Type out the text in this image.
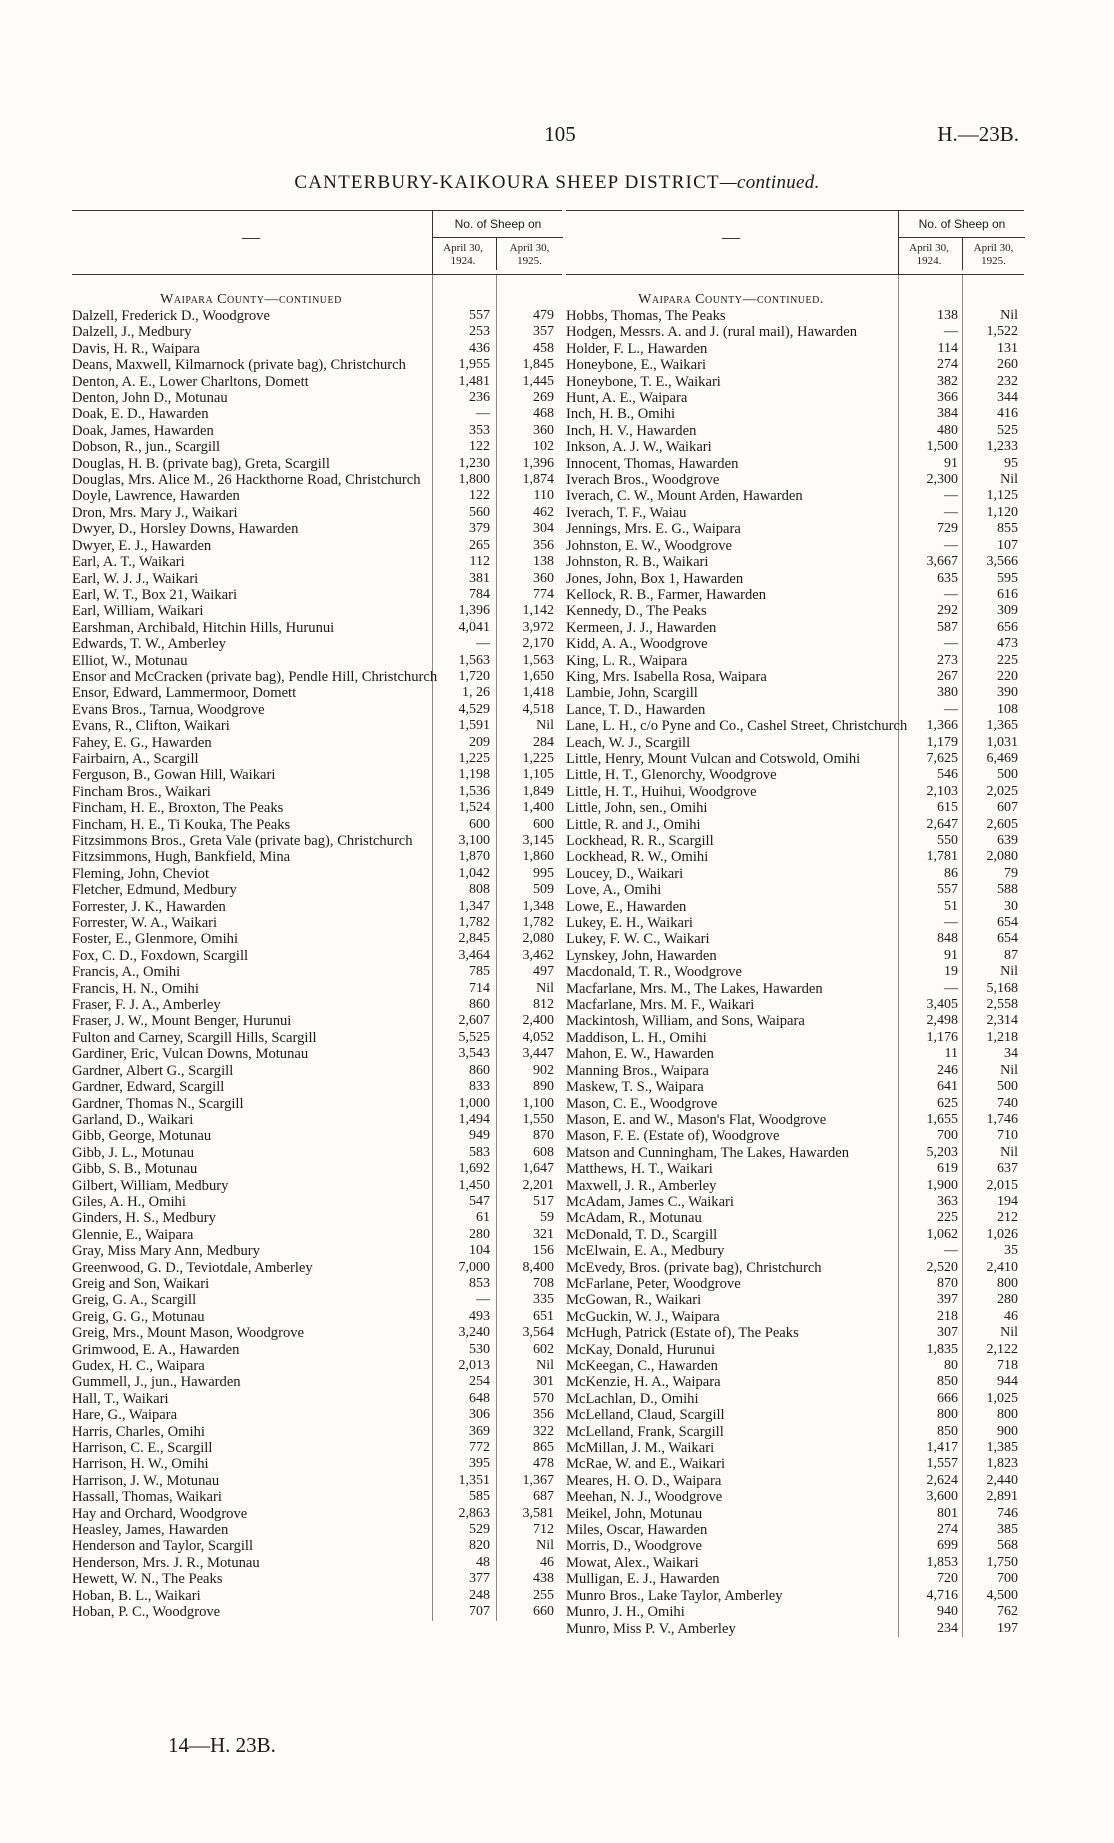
105	H.—23B.
CANTERBURY-KAIKOURA SHEEP DISTRICT—continued.
—
No. of Sheep on
April 30,
1924.
April 30,
1925.
Waipara County—continued
Dalzell, Frederick D., Woodgrove	557	479
Dalzell, J., Medbury	253	357
Davis, H. R., Waipara	436	458
Deans, Maxwell, Kilmarnock (private bag), Christchurch	1,955	1,845
Denton, A. E., Lower Charltons, Domett	1,481	1,445
Denton, John D., Motunau	236	269
Doak, E. D., Hawarden	—	468
Doak, James, Hawarden	353	360
Dobson, R., jun., Scargill	122	102
Douglas, H. B. (private bag), Greta, Scargill	1,230	1,396
Douglas, Mrs. Alice M., 26 Hackthorne Road, Christchurch	1,800	1,874
Doyle, Lawrence, Hawarden	122	110
Dron, Mrs. Mary J., Waikari	560	462
Dwyer, D., Horsley Downs, Hawarden	379	304
Dwyer, E. J., Hawarden	265	356
Earl, A. T., Waikari	112	138
Earl, W. J. J., Waikari	381	360
Earl, W. T., Box 21, Waikari	784	774
Earl, William, Waikari	1,396	1,142
Earshman, Archibald, Hitchin Hills, Hurunui	4,041	3,972
Edwards, T. W., Amberley	—	2,170
Elliot, W., Motunau	1,563	1,563
Ensor and McCracken (private bag), Pendle Hill, Christchurch	1,720	1,650
Ensor, Edward, Lammermoor, Domett	1, 26	1,418
Evans Bros., Tarnua, Woodgrove	4,529	4,518
Evans, R., Clifton, Waikari	1,591	Nil
Fahey, E. G., Hawarden	209	284
Fairbairn, A., Scargill	1,225	1,225
Ferguson, B., Gowan Hill, Waikari	1,198	1,105
Fincham Bros., Waikari	1,536	1,849
Fincham, H. E., Broxton, The Peaks	1,524	1,400
Fincham, H. E., Ti Kouka, The Peaks	600	600
Fitzsimmons Bros., Greta Vale (private bag), Christchurch	3,100	3,145
Fitzsimmons, Hugh, Bankfield, Mina	1,870	1,860
Fleming, John, Cheviot	1,042	995
Fletcher, Edmund, Medbury	808	509
Forrester, J. K., Hawarden	1,347	1,348
Forrester, W. A., Waikari	1,782	1,782
Foster, E., Glenmore, Omihi	2,845	2,080
Fox, C. D., Foxdown, Scargill	3,464	3,462
Francis, A., Omihi	785	497
Francis, H. N., Omihi	714	Nil
Fraser, F. J. A., Amberley	860	812
Fraser, J. W., Mount Benger, Hurunui	2,607	2,400
Fulton and Carney, Scargill Hills, Scargill	5,525	4,052
Gardiner, Eric, Vulcan Downs, Motunau	3,543	3,447
Gardner, Albert G., Scargill	860	902
Gardner, Edward, Scargill	833	890
Gardner, Thomas N., Scargill	1,000	1,100
Garland, D., Waikari	1,494	1,550
Gibb, George, Motunau	949	870
Gibb, J. L., Motunau	583	608
Gibb, S. B., Motunau	1,692	1,647
Gilbert, William, Medbury	1,450	2,201
Giles, A. H., Omihi	547	517
Ginders, H. S., Medbury	61	59
Glennie, E., Waipara	280	321
Gray, Miss Mary Ann, Medbury	104	156
Greenwood, G. D., Teviotdale, Amberley	7,000	8,400
Greig and Son, Waikari	853	708
Greig, G. A., Scargill	—	335
Greig, G. G., Motunau	493	651
Greig, Mrs., Mount Mason, Woodgrove	3,240	3,564
Grimwood, E. A., Hawarden	530	602
Gudex, H. C., Waipara	2,013	Nil
Gummell, J., jun., Hawarden	254	301
Hall, T., Waikari	648	570
Hare, G., Waipara	306	356
Harris, Charles, Omihi	369	322
Harrison, C. E., Scargill	772	865
Harrison, H. W., Omihi	395	478
Harrison, J. W., Motunau	1,351	1,367
Hassall, Thomas, Waikari	585	687
Hay and Orchard, Woodgrove	2,863	3,581
Heasley, James, Hawarden	529	712
Henderson and Taylor, Scargill	820	Nil
Henderson, Mrs. J. R., Motunau	48	46
Hewett, W. N., The Peaks	377	438
Hoban, B. L., Waikari	248	255
Hoban, P. C., Woodgrove	707	660
—
No. of Sheep on
April 30,
1924.
April 30,
1925.
Waipara County—continued.
Hobbs, Thomas, The Peaks	138	Nil
Hodgen, Messrs. A. and J. (rural mail), Hawarden	—	1,522
Holder, F. L., Hawarden	114	131
Honeybone, E., Waikari	274	260
Honeybone, T. E., Waikari	382	232
Hunt, A. E., Waipara	366	344
Inch, H. B., Omihi	384	416
Inch, H. V., Hawarden	480	525
Inkson, A. J. W., Waikari	1,500	1,233
Innocent, Thomas, Hawarden	91	95
Iverach Bros., Woodgrove	2,300	Nil
Iverach, C. W., Mount Arden, Hawarden	—	1,125
Iverach, T. F., Waiau	—	1,120
Jennings, Mrs. E. G., Waipara	729	855
Johnston, E. W., Woodgrove	—	107
Johnston, R. B., Waikari	3,667	3,566
Jones, John, Box 1, Hawarden	635	595
Kellock, R. B., Farmer, Hawarden	—	616
Kennedy, D., The Peaks	292	309
Kermeen, J. J., Hawarden	587	656
Kidd, A. A., Woodgrove	—	473
King, L. R., Waipara	273	225
King, Mrs. Isabella Rosa, Waipara	267	220
Lambie, John, Scargill	380	390
Lance, T. D., Hawarden	—	108
Lane, L. H., c/o Pyne and Co., Cashel Street, Christchurch	1,366	1,365
Leach, W. J., Scargill	1,179	1,031
Little, Henry, Mount Vulcan and Cotswold, Omihi	7,625	6,469
Little, H. T., Glenorchy, Woodgrove	546	500
Little, H. T., Huihui, Woodgrove	2,103	2,025
Little, John, sen., Omihi	615	607
Little, R. and J., Omihi	2,647	2,605
Lockhead, R. R., Scargill	550	639
Lockhead, R. W., Omihi	1,781	2,080
Loucey, D., Waikari	86	79
Love, A., Omihi	557	588
Lowe, E., Hawarden	51	30
Lukey, E. H., Waikari	—	654
Lukey, F. W. C., Waikari	848	654
Lynskey, John, Hawarden	91	87
Macdonald, T. R., Woodgrove	19	Nil
Macfarlane, Mrs. M., The Lakes, Hawarden	—	5,168
Macfarlane, Mrs. M. F., Waikari	3,405	2,558
Mackintosh, William, and Sons, Waipara	2,498	2,314
Maddison, L. H., Omihi	1,176	1,218
Mahon, E. W., Hawarden	11	34
Manning Bros., Waipara	246	Nil
Maskew, T. S., Waipara	641	500
Mason, C. E., Woodgrove	625	740
Mason, E. and W., Mason's Flat, Woodgrove	1,655	1,746
Mason, F. E. (Estate of), Woodgrove	700	710
Matson and Cunningham, The Lakes, Hawarden	5,203	Nil
Matthews, H. T., Waikari	619	637
Maxwell, J. R., Amberley	1,900	2,015
McAdam, James C., Waikari	363	194
McAdam, R., Motunau	225	212
McDonald, T. D., Scargill	1,062	1,026
McElwain, E. A., Medbury	—	35
McEvedy, Bros. (private bag), Christchurch	2,520	2,410
McFarlane, Peter, Woodgrove	870	800
McGowan, R., Waikari	397	280
McGuckin, W. J., Waipara	218	46
McHugh, Patrick (Estate of), The Peaks	307	Nil
McKay, Donald, Hurunui	1,835	2,122
McKeegan, C., Hawarden	80	718
McKenzie, H. A., Waipara	850	944
McLachlan, D., Omihi	666	1,025
McLelland, Claud, Scargill	800	800
McLelland, Frank, Scargill	850	900
McMillan, J. M., Waikari	1,417	1,385
McRae, W. and E., Waikari	1,557	1,823
Meares, H. O. D., Waipara	2,624	2,440
Meehan, N. J., Woodgrove	3,600	2,891
Meikel, John, Motunau	801	746
Miles, Oscar, Hawarden	274	385
Morris, D., Woodgrove	699	568
Mowat, Alex., Waikari	1,853	1,750
Mulligan, E. J., Hawarden	720	700
Munro Bros., Lake Taylor, Amberley	4,716	4,500
Munro, J. H., Omihi	940	762
Munro, Miss P. V., Amberley	234	197
14—H. 23B.
